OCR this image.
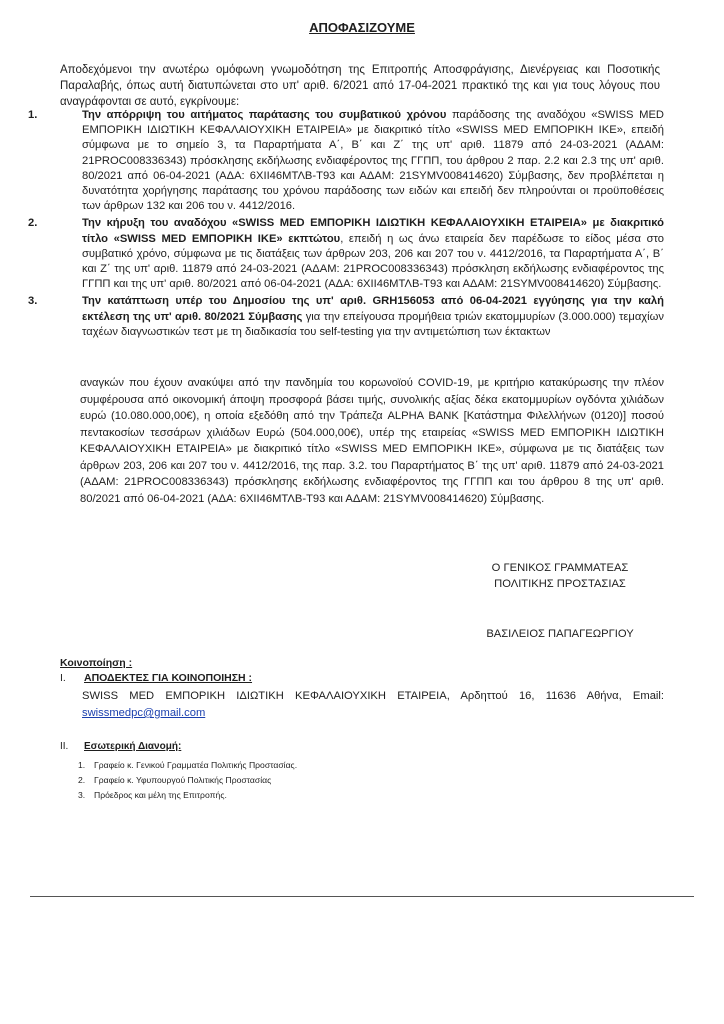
ΑΠΟΦΑΣΙΖΟΥΜΕ
Αποδεχόμενοι την ανωτέρω ομόφωνη γνωμοδότηση της Επιτροπής Αποσφράγισης, Διενέργειας και Ποσοτικής Παραλαβής, όπως αυτή διατυπώνεται στο υπ' αριθ. 6/2021 από 17-04-2021 πρακτικό της και για τους λόγους που αναγράφονται σε αυτό, εγκρίνουμε:
1.	Την απόρριψη του αιτήματος παράτασης του συμβατικού χρόνου παράδοσης της αναδόχου «SWISS MED ΕΜΠΟΡΙΚΗ ΙΔΙΩΤΙΚΗ ΚΕΦΑΛΑΙΟΥΧΙΚΗ ΕΤΑΙΡΕΙΑ» με διακριτικό τίτλο «SWISS MED ΕΜΠΟΡΙΚΗ IKE», επειδή σύμφωνα με το σημείο 3, τα Παραρτήματα Α΄, Β΄ και Ζ΄ της υπ' αριθ. 11879 από 24-03-2021 (ΑΔΑΜ: 21PROC008336343) πρόσκλησης εκδήλωσης ενδιαφέροντος της ΓΓΠΠ, του άρθρου 2 παρ. 2.2 και 2.3 της υπ' αριθ. 80/2021 από 06-04-2021 (ΑΔΑ: 6ΧΙΙ46ΜΤΛΒ-Τ93 και ΑΔΑΜ: 21SYMV008414620) Σύμβασης, δεν προβλέπεται η δυνατότητα χορήγησης παράτασης του χρόνου παράδοσης των ειδών και επειδή δεν πληρούνται οι προϋποθέσεις των άρθρων 132 και 206 του ν. 4412/2016.
2.	Την κήρυξη του αναδόχου «SWISS MED ΕΜΠΟΡΙΚΗ ΙΔΙΩΤΙΚΗ ΚΕΦΑΛΑΙΟΥΧΙΚΗ ΕΤΑΙΡΕΙΑ» με διακριτικό τίτλο «SWISS MED ΕΜΠΟΡΙΚΗ IKE» εκπτώτου, επειδή η ως άνω εταιρεία δεν παρέδωσε το είδος μέσα στο συμβατικό χρόνο, σύμφωνα με τις διατάξεις των άρθρων 203, 206 και 207 του ν. 4412/2016, τα Παραρτήματα Α΄, Β΄ και Ζ΄ της υπ' αριθ. 11879 από 24-03-2021 (ΑΔΑΜ: 21PROC008336343) πρόσκληση εκδήλωσης ενδιαφέροντος της ΓΓΠΠ και της υπ' αριθ. 80/2021 από 06-04-2021 (ΑΔΑ: 6ΧΙΙ46ΜΤΛΒ-Τ93 και ΑΔΑΜ: 21SYMV008414620) Σύμβασης.
3.	Την κατάπτωση υπέρ του Δημοσίου της υπ' αριθ. GRH156053 από 06-04-2021 εγγύησης για την καλή εκτέλεση της υπ' αριθ. 80/2021 Σύμβασης για την επείγουσα προμήθεια τριών εκατομμυρίων (3.000.000) τεμαχίων ταχέων διαγνωστικών τεστ με τη διαδικασία του self-testing για την αντιμετώπιση των έκτακτων
αναγκών που έχουν ανακύψει από την πανδημία του κορωνοϊού COVID-19, με κριτήριο κατακύρωσης την πλέον συμφέρουσα από οικονομική άποψη προσφορά βάσει τιμής, συνολικής αξίας δέκα εκατομμυρίων ογδόντα χιλιάδων ευρώ (10.080.000,00€), η οποία εξεδόθη από την Τράπεζα ALPHA BANK [Κατάστημα Φιλελλήνων (0120)] ποσού πεντακοσίων τεσσάρων χιλιάδων Ευρώ (504.000,00€), υπέρ της εταιρείας «SWISS MED ΕΜΠΟΡΙΚΗ ΙΔΙΩΤΙΚΗ ΚΕΦΑΛΑΙΟΥΧΙΚΗ ΕΤΑΙΡΕΙΑ» με διακριτικό τίτλο «SWISS MED ΕΜΠΟΡΙΚΗ IKE», σύμφωνα με τις διατάξεις των άρθρων 203, 206 και 207 του ν. 4412/2016, της παρ. 3.2. του Παραρτήματος Β΄ της υπ' αριθ. 11879 από 24-03-2021 (ΑΔΑΜ: 21PROC008336343) πρόσκλησης εκδήλωσης ενδιαφέροντος της ΓΓΠΠ και του άρθρου 8 της υπ' αριθ. 80/2021 από 06-04-2021 (ΑΔΑ: 6ΧΙΙ46ΜΤΛΒ-Τ93 και ΑΔΑΜ: 21SYMV008414620) Σύμβασης.
Ο ΓΕΝΙΚΟΣ ΓΡΑΜΜΑΤΕΑΣ
ΠΟΛΙΤΙΚΗΣ ΠΡΟΣΤΑΣΙΑΣ
ΒΑΣΙΛΕΙΟΣ ΠΑΠΑΓΕΩΡΓΙΟΥ
Κοινοποίηση :
I. ΑΠΟΔΕΚΤΕΣ ΓΙΑ ΚΟΙΝΟΠΟΙΗΣΗ :
SWISS MED ΕΜΠΟΡΙΚΗ ΙΔΙΩΤΙΚΗ ΚΕΦΑΛΑΙΟΥΧΙΚΗ ΕΤΑΙΡΕΙΑ, Αρδηττού 16, 11636 Αθήνα, Email: swissmedpc@gmail.com
II. Εσωτερική Διανομή:
1. Γραφείο κ. Γενικού Γραμματέα Πολιτικής Προστασίας.
2. Γραφείο κ. Υφυπουργού Πολιτικής Προστασίας
3. Πρόεδρος και μέλη της Επιτροπής.
